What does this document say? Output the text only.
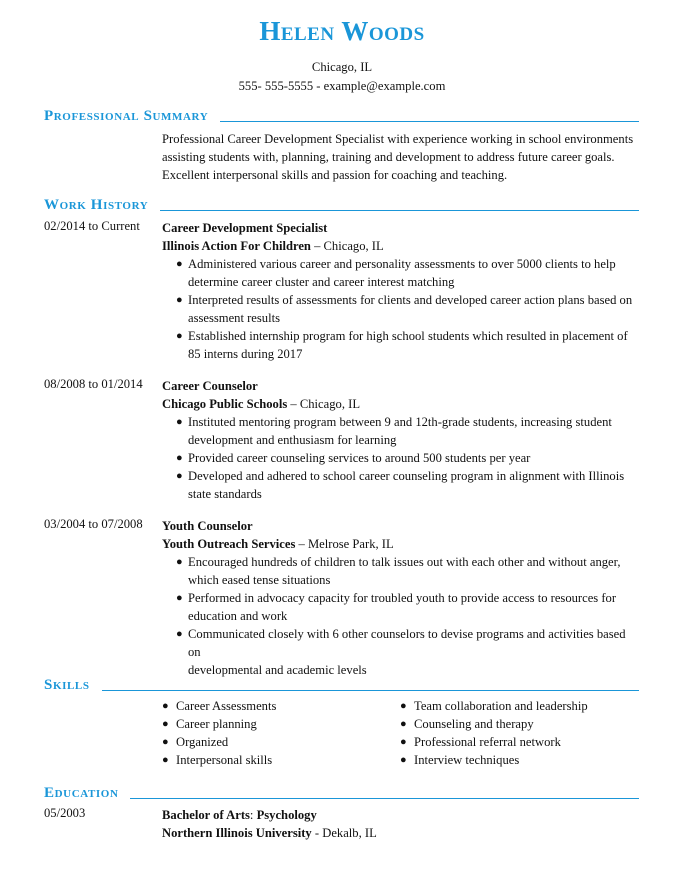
Helen Woods
Chicago, IL
555- 555-5555 - example@example.com
Professional Summary
Professional Career Development Specialist with experience working in school environments
assisting students with, planning, training and development to address future career goals.
Excellent interpersonal skills and passion for coaching and teaching.
Work History
02/2014 to Current	Career Development Specialist
Illinois Action For Children – Chicago, IL
● Administered various career and personality assessments to over 5000 clients to help
determine career cluster and career interest matching
● Interpreted results of assessments for clients and developed career action plans based on
assessment results
● Established internship program for high school students which resulted in placement of
85 interns during 2017
08/2008 to 01/2014	Career Counselor
Chicago Public Schools – Chicago, IL
● Instituted mentoring program between 9 and 12th-grade students, increasing student
development and enthusiasm for learning
● Provided career counseling services to around 500 students per year
● Developed and adhered to school career counseling program in alignment with Illinois
state standards
03/2004 to 07/2008	Youth Counselor
Youth Outreach Services – Melrose Park, IL
● Encouraged hundreds of children to talk issues out with each other and without anger,
which eased tense situations
● Performed in advocacy capacity for troubled youth to provide access to resources for
education and work
● Communicated closely with 6 other counselors to devise programs and activities based on
developmental and academic levels
Skills
● Career Assessments
● Career planning
● Organized
● Interpersonal skills
● Team collaboration and leadership
● Counseling and therapy
● Professional referral network
● Interview techniques
Education
05/2003	Bachelor of Arts: Psychology
Northern Illinois University - Dekalb, IL
